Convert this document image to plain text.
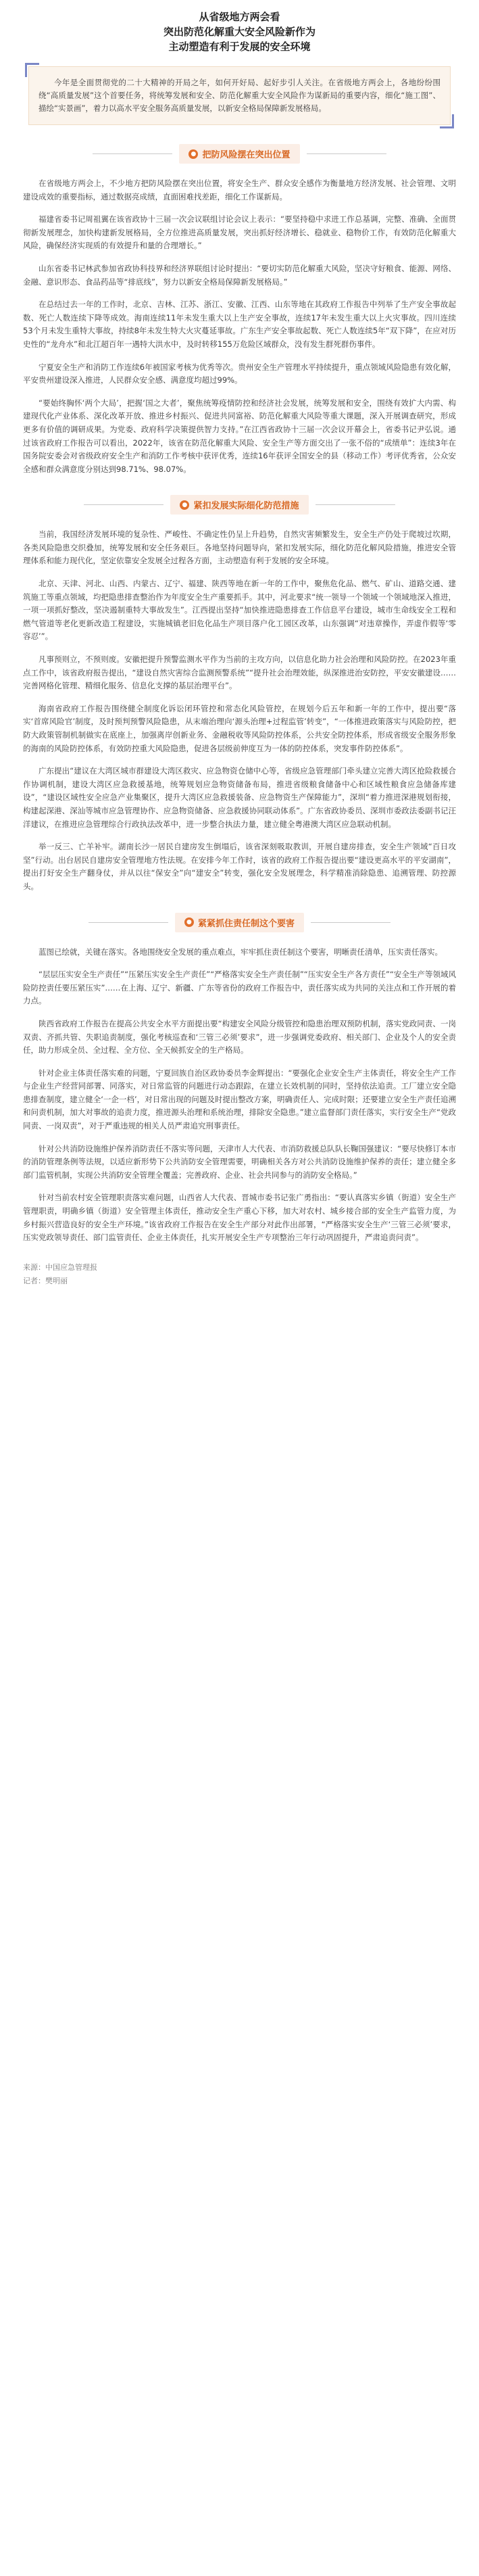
从省级地方两会看
突出防范化解重大安全风险新作为
主动塑造有利于发展的安全环境
今年是全面贯彻党的二十大精神的开局之年，如何开好局、起好步引人关注。在省级地方两会上，各地纷纷围绕“高质量发展”这个首要任务，将统筹发展和安全、防范化解重大安全风险作为谋新局的重要内容，细化“施工图”、描绘“实景画”，着力以高水平安全服务高质量发展，以新安全格局保障新发展格局。
● 把防风险摆在突出位置

在省级地方两会上，不少地方把防风险摆在突出位置，将安全生产、群众安全感作为衡量地方经济发展、社会管理、文明建设成效的重要指标，通过数据亮成绩，直面困难找差距，细化工作谋新局。

福建省委书记周祖翼在该省政协十三届一次会议联组讨论会议上表示：“要坚持稳中求进工作总基调，完整、准确、全面贯彻新发展理念，加快构建新发展格局，全方位推进高质量发展，突出抓好经济增长、稳就业、稳物价工作，有效防范化解重大风险，确保经济实现质的有效提升和量的合理增长。”

山东省委书记林武参加省政协科技界和经济界联组讨论时提出：“要切实防范化解重大风险，坚决守好粮食、能源、网络、金融、意识形态、食品药品等“排底线”，努力以新安全格局保障新发展格局。”

在总结过去一年的工作时，北京、吉林、江苏、浙江、安徽、江西、山东等地在其政府工作报告中列举了生产安全事故起数、死亡人数连续下降等成效。海南连续11年未发生重大以上生产安全事故，连续17年未发生重大以上火灾事故。四川连续53个月未发生重特大事故，持续8年未发生特大火灾蔓延事故。广东生产安全事故起数、死亡人数连续5年“双下降”，在应对历史性的“龙舟水”和北江超百年一遇特大洪水中，及时转移155万危险区域群众，没有发生群死群伤事件。

宁夏安全生产和消防工作连续6年被国家考核为优秀等次。贵州安全生产管理水平持续提升，重点领域风险隐患有效化解，平安贵州建设深入推进，人民群众安全感、满意度均超过99%。

“要始终胸怀‘两个大局’，把握‘国之大者’，聚焦统筹疫情防控和经济社会发展，统筹发展和安全，围绕有效扩大内需、构建现代化产业体系、深化改革开放、推进乡村振兴、促进共同富裕、防范化解重大风险等重大课题，深入开展调查研究，形成更多有价值的调研成果。为党委、政府科学决策提供智力支持。”在江西省政协十三届一次会议开幕会上，省委书记尹弘说。通过该省政府工作报告可以看出，2022年，该省在防范化解重大风险、安全生产等方面交出了一张不俗的“成绩单”：连续3年在国务院安委会对省级政府安全生产和消防工作考核中获评优秀，连续16年获评全国安全的县（移动工作）考评优秀省，公众安全感和群众满意度分别达到98.71%、98.07%。

● 紧扣发展实际细化防范措施

当前，我国经济发展环境的复杂性、严峻性、不确定性仍呈上升趋势，自然灾害频繁发生，安全生产仍处于爬坡过坎期，各类风险隐患交织叠加，统筹发展和安全任务艰巨。各地坚持问题导向，紧扣发展实际，细化防范化解风险措施，推进安全管理体系和能力现代化，坚定依靠安全发展全过程各方面，主动塑造有利于发展的安全环境。

北京、天津、河北、山西、内蒙古、辽宁、福建、陕西等地在新一年的工作中，聚焦危化品、燃气、矿山、道路交通、建筑施工等重点领域，均把隐患排查整治作为年度安全生产重要抓手。其中，河北要求“统一领导一个领域一个领域地深入推进，一项一项抓好整改，坚决遏制重特大事故发生”。江西提出坚持“加快推进隐患排查工作信息平台建设，城市生命线安全工程和燃气管道等老化更新改造工程建设，实施城镇老旧危化品生产项目落户化工园区改革，山东强调“对违章操作，弄虚作假等‘零容忍’”。

凡事预则立，不预则废。安徽把提升预警监测水平作为当前的主攻方向，以信息化助力社会治理和风险防控。在2023年重点工作中，该省政府报告提出，“建设自然灾害综合监测预警系统”“提升社会治理效能，纵深推进治安防控，平安安徽建设……完善网格化管理、精细化服务、信息化支撑的基层治理平台”。

海南省政府工作报告围绕健全制度化诉讼闭环管控和常态化风险管控，在规划今后五年和新一年的工作中，提出要“落实‘首席风险官’制度，及时预判预警风险隐患，从末端治理向‘源头治理+过程监管’转变”，“一体推进政策落实与风险防控，把防大政策管制机制做实在底座上，加强离岸创新业务、金融税收等风险防控体系，公共安全防控体系，形成省级安全服务形象的海南的风险防控体系，有效防控重大风险隐患，促进各层级前伸度互为一体的防控体系，突发事件防控体系”。

广东提出“建议在大湾区城市群建设大湾区救灾、应急物资仓储中心等，省级应急管理部门牵头建立完善大湾区抢险救援合作协调机制，建设大湾区应急救援基地，统筹规划应急物资储备布局，推进省级粮食储备中心和区域性粮食应急储备库建设”，“建设区域性安全应急产业集聚区，提升大湾区应急救援装备、应急物资生产保障能力”，深圳“着力推进深港规划衔接，构建起深港、深汕等城市应急管理协作、应急物资储备、应急救援协同联动体系”。广东省政协委员、深圳市委政法委副书记汪洋建议，在推进应急管理综合行政执法改革中，进一步整合执法力量，建立健全粤港澳大湾区应急联动机制。

举一反三、亡羊补牢。湖南长沙一居民自建房发生倒塌后，该省深刻吸取教训，开展自建房排查，安全生产领域“百日攻坚”行动。出台居民自建房安全管理地方性法规。在安排今年工作时，该省的政府工作报告提出要“建设更高水平的平安湖南”，提出打好安全生产翻身仗，并从以往“保安全”向“建安全”转变，强化安全发展理念，科学精准消除隐患、追溯管理、防控源头。

● 紧紧抓住责任制这个要害

蓝图已绘就，关键在落实。各地围绕安全发展的重点难点，牢牢抓住责任制这个要害，明晰责任清单，压实责任落实。

“层层压实安全生产责任”“压紧压实安全生产责任”“严格落实安全生产责任制”“压实安全生产各方责任”“安全生产等领域风险防控责任要压紧压实”……在上海、辽宁、新疆、广东等省份的政府工作报告中，责任落实成为共同的关注点和工作开展的着力点。

陕西省政府工作报告在提高公共安全水平方面提出要“构建安全风险分级管控和隐患治理双预防机制，落实党政同责、一岗双责、齐抓共管、失职追责制度，强化考核巡查和‘三管三必须’要求”，进一步强调党委政府、相关部门、企业及个人的安全责任，助力形成全员、全过程、全方位、全天候抓安全的生产格局。

针对企业主体责任落实难的问题，宁夏回族自治区政协委员李金辉提出：“要强化企业安全生产主体责任，将安全生产工作与企业生产经营同部署、同落实，对日常监管的问题进行动态跟踪，在建立长效机制的同时，坚持依法追责。工厂建立安全隐患排查制度，建立健全‘一企一档’，对日常出现的问题及时提出整改方案，明确责任人、完成时限；还要建立安全生产责任追溯和问责机制，加大对事故的追责力度，推进源头治理和系统治理，排除安全隐患。”建立监督部门责任落实，实行安全生产“党政同责、一岗双责”，对于严重违规的相关人员严肃追究刑事责任。

针对公共消防设施维护保养消防责任不落实等问题，天津市人大代表、市消防救援总队队长鞠国强建议：“要尽快修订本市的消防管理条例等法规，以适应新形势下公共消防安全管理需要，明确相关各方对公共消防设施维护保养的责任；建立健全多部门监管机制，实现公共消防安全管理全覆盖；完善政府、企业、社会共同参与的消防安全格局。”

针对当前农村安全管理职责落实难问题，山西省人大代表、晋城市委书记张广勇指出：“要认真落实乡镇（街道）安全生产管理职责，明确乡镇（街道）安全管理主体责任，推动安全生产重心下移，加大对农村、城乡接合部的安全生产监管力度，为乡村振兴营造良好的安全生产环境。”该省政府工作报告在安全生产部分对此作出部署，“严格落实安全生产‘三管三必须’要求，压实党政领导责任、部门监管责任、企业主体责任，扎实开展安全生产专项整治三年行动巩固提升，严肃追责问责”。

来源：中国应急管理报
记者：樊明丽
